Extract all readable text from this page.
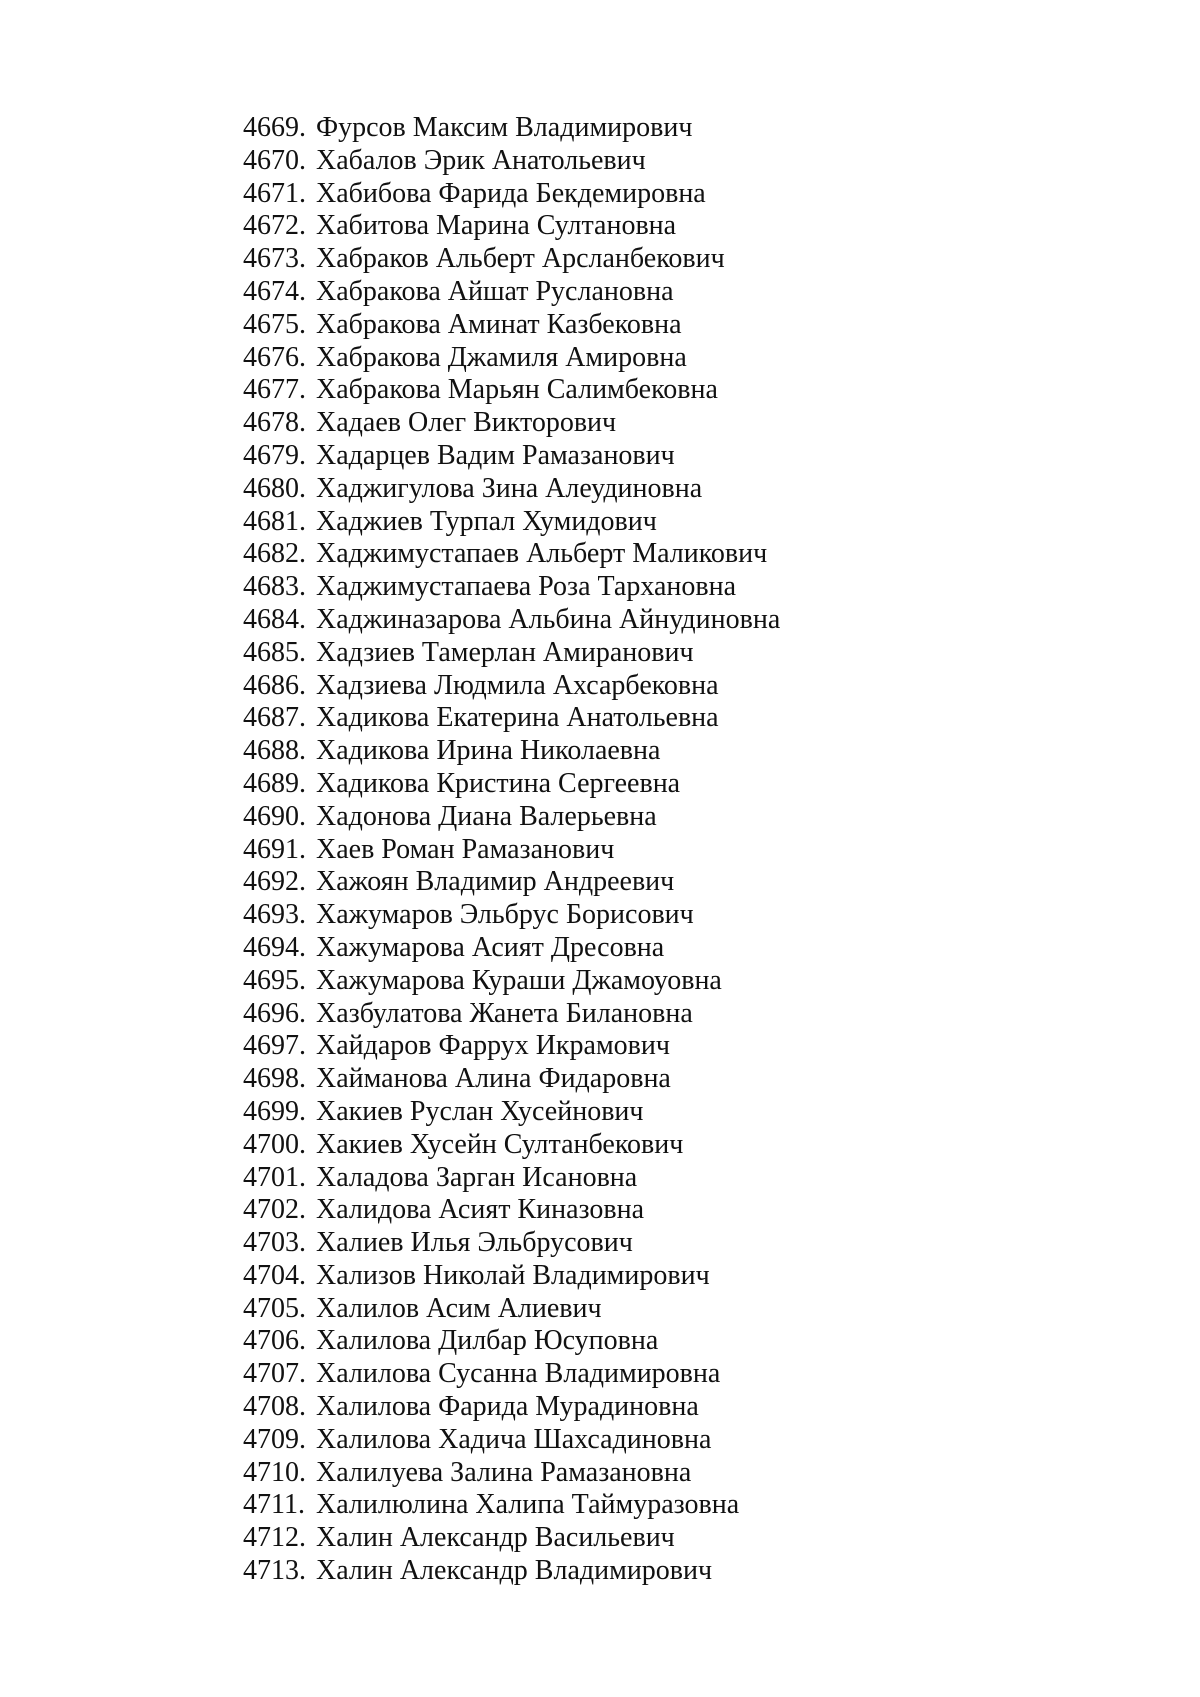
4669. Фурсов Максим Владимирович
4670. Хабалов Эрик Анатольевич
4671. Хабибова Фарида Бекдемировна
4672. Хабитова Марина Султановна
4673. Хабраков Альберт Арсланбекович
4674. Хабракова Айшат Руслановна
4675. Хабракова Аминат Казбековна
4676. Хабракова Джамиля Амировна
4677. Хабракова Марьян Салимбековна
4678. Хадаев Олег Викторович
4679. Хадарцев Вадим Рамазанович
4680. Хаджигулова Зина Алеудиновна
4681. Хаджиев Турпал Хумидович
4682. Хаджимустапаев Альберт Маликович
4683. Хаджимустапаева Роза Тархановна
4684. Хаджиназарова Альбина Айнудиновна
4685. Хадзиев Тамерлан Амиранович
4686. Хадзиева Людмила Ахсарбековна
4687. Хадикова Екатерина Анатольевна
4688. Хадикова Ирина Николаевна
4689. Хадикова Кристина Сергеевна
4690. Хадонова Диана Валерьевна
4691. Хаев Роман Рамазанович
4692. Хажоян Владимир Андреевич
4693. Хажумаров Эльбрус Борисович
4694. Хажумарова Асият Дресовна
4695. Хажумарова Кураши Джамоуовна
4696. Хазбулатова Жанета Билановна
4697. Хайдаров Фаррух Икрамович
4698. Хайманова Алина Фидаровна
4699. Хакиев Руслан Хусейнович
4700. Хакиев Хусейн Султанбекович
4701. Халадова Зарган Исановна
4702. Халидова Асият Киназовна
4703. Халиев Илья Эльбрусович
4704. Хализов Николай Владимирович
4705. Халилов Асим Алиевич
4706. Халилова Дилбар Юсуповна
4707. Халилова Сусанна Владимировна
4708. Халилова Фарида Мурадиновна
4709. Халилова Хадича Шахсадиновна
4710. Халилуева Залина Рамазановна
4711. Халилюлина Халипа Таймуразовна
4712. Халин Александр Васильевич
4713. Халин Александр Владимирович
